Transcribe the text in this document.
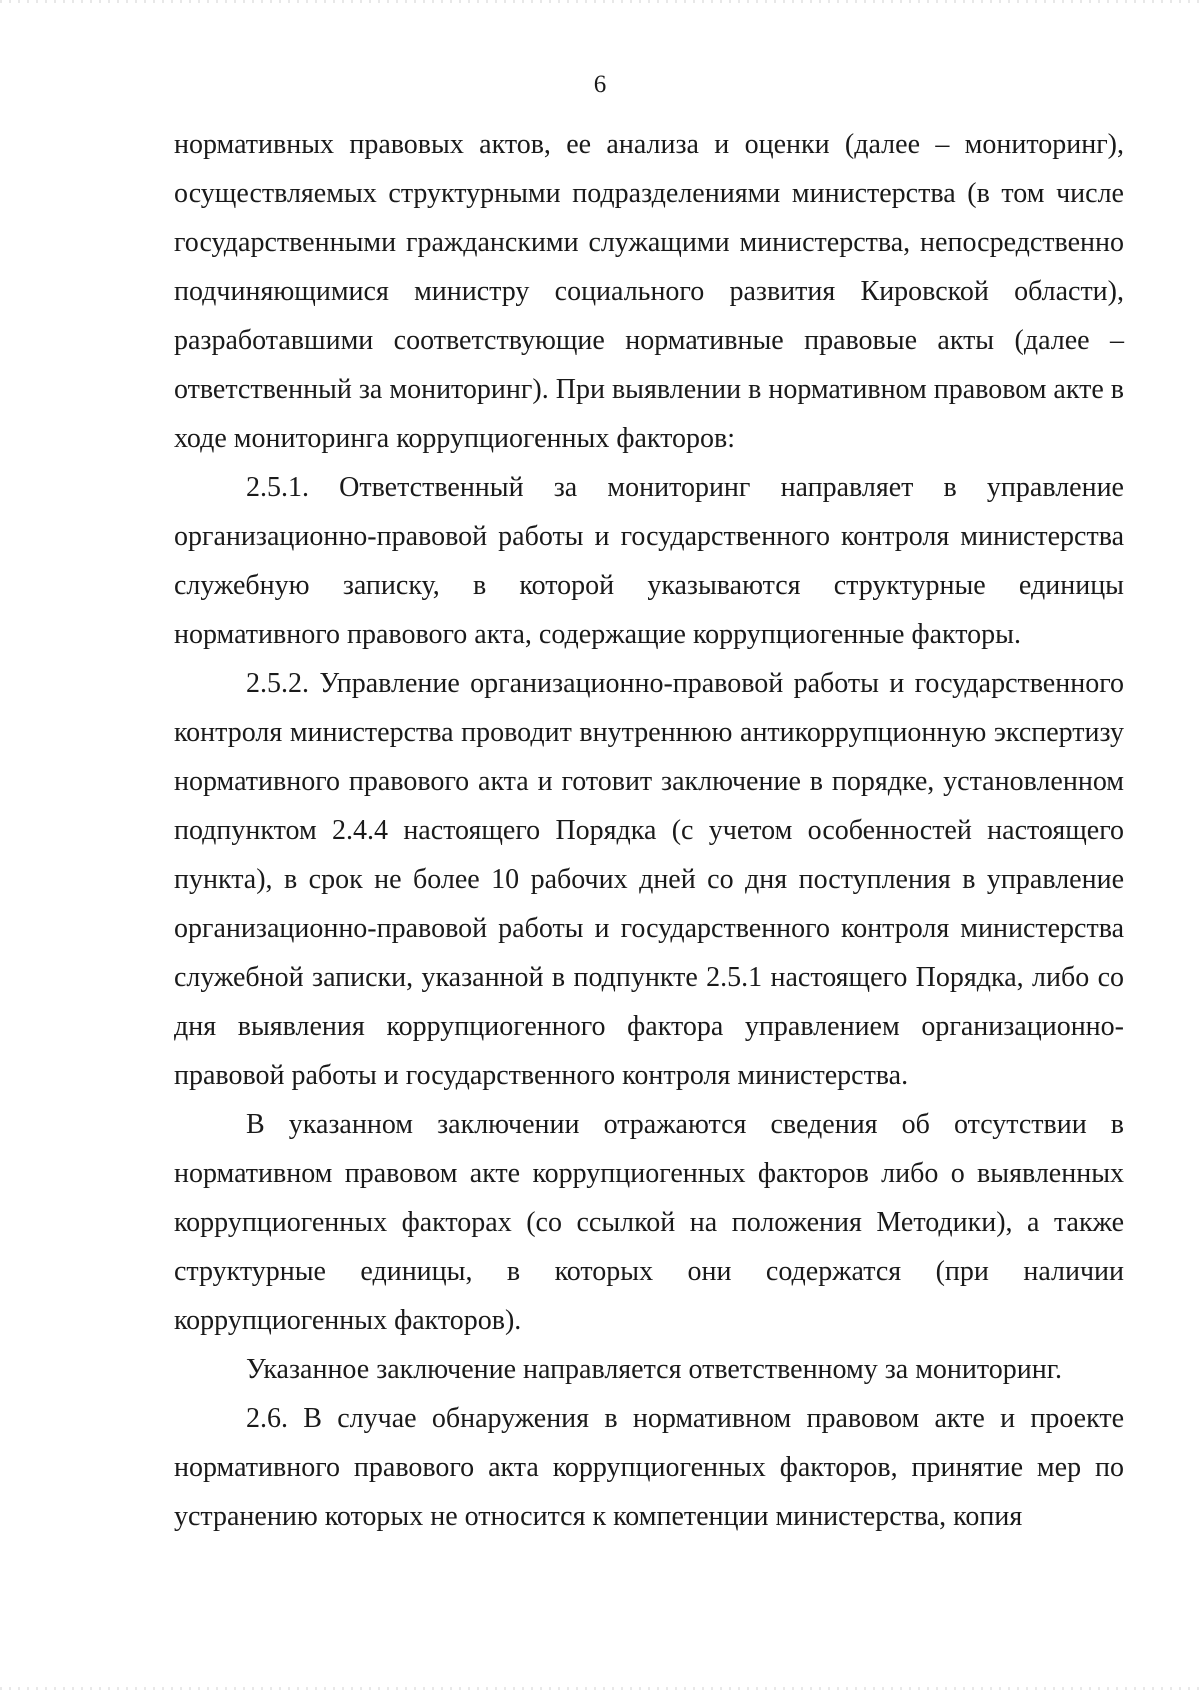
6

нормативных правовых актов, ее анализа и оценки (далее – мониторинг), осуществляемых структурными подразделениями министерства (в том числе государственными гражданскими служащими министерства, непосредственно подчиняющимися министру социального развития Кировской области), разработавшими соответствующие нормативные правовые акты (далее – ответственный за мониторинг). При выявлении в нормативном правовом акте в ходе мониторинга коррупциогенных факторов:

2.5.1. Ответственный за мониторинг направляет в управление организационно-правовой работы и государственного контроля министерства служебную записку, в которой указываются структурные единицы нормативного правового акта, содержащие коррупциогенные факторы.

2.5.2. Управление организационно-правовой работы и государственного контроля министерства проводит внутреннюю антикоррупционную экспертизу нормативного правового акта и готовит заключение в порядке, установленном подпунктом 2.4.4 настоящего Порядка (с учетом особенностей настоящего пункта), в срок не более 10 рабочих дней со дня поступления в управление организационно-правовой работы и государственного контроля министерства служебной записки, указанной в подпункте 2.5.1 настоящего Порядка, либо со дня выявления коррупциогенного фактора управлением организационно-правовой работы и государственного контроля министерства.

В указанном заключении отражаются сведения об отсутствии в нормативном правовом акте коррупциогенных факторов либо о выявленных коррупциогенных факторах (со ссылкой на положения Методики), а также структурные единицы, в которых они содержатся (при наличии коррупциогенных факторов).

Указанное заключение направляется ответственному за мониторинг.

2.6. В случае обнаружения в нормативном правовом акте и проекте нормативного правового акта коррупциогенных факторов, принятие мер по устранению которых не относится к компетенции министерства, копия
